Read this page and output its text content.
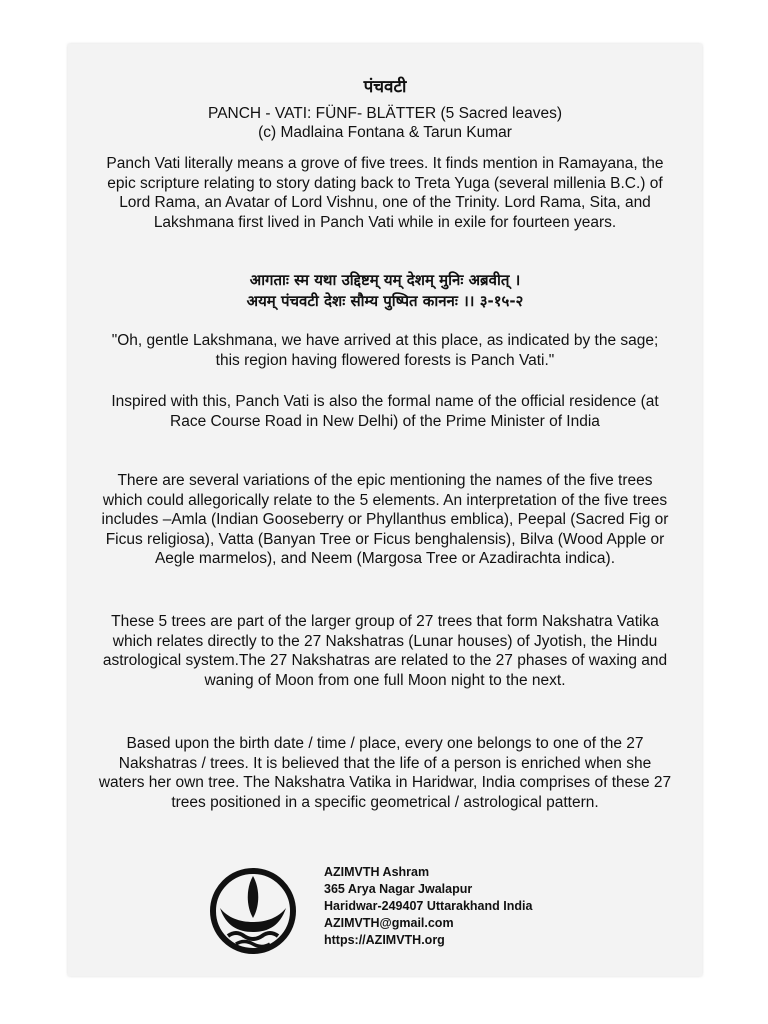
पंचवटी
PANCH - VATI: FÜNF- BLÄTTER (5 Sacred leaves)
(c) Madlaina Fontana & Tarun Kumar
Panch Vati literally means a grove of five trees. It finds mention in Ramayana, the epic scripture relating to story dating back to Treta Yuga (several millenia B.C.) of Lord Rama, an Avatar of Lord Vishnu, one of the Trinity. Lord Rama, Sita, and Lakshmana first lived in Panch Vati while in exile for fourteen years.
आगताः स्म यथा उद्दिष्टम् यम् देशम् मुनिः अब्रवीत् ।
अयम् पंचवटी देशः सौम्य पुष्पित काननः ।। ३-१५-२
"Oh, gentle Lakshmana, we have arrived at this place, as indicated by the sage; this region having flowered forests is Panch Vati."
Inspired with this, Panch Vati is also the formal name of the official residence (at Race Course Road in New Delhi) of the Prime Minister of India
There are several variations of the epic mentioning the names of the five trees which could allegorically relate to the 5 elements. An interpretation of the five trees includes –Amla (Indian Gooseberry or Phyllanthus emblica), Peepal (Sacred Fig or Ficus religiosa), Vatta (Banyan Tree or Ficus benghalensis), Bilva (Wood Apple or Aegle marmelos), and Neem (Margosa Tree or Azadirachta indica).
These 5 trees are part of the larger group of 27 trees that form Nakshatra Vatika which relates directly to the 27 Nakshatras (Lunar houses) of Jyotish, the Hindu astrological system.The 27 Nakshatras are related to the 27 phases of waxing and waning of Moon from one full Moon night to the next.
Based upon the birth date / time / place, every one belongs to one of the 27 Nakshatras / trees. It is believed that the life of a person is enriched when she waters her own tree. The Nakshatra Vatika in Haridwar, India comprises of these 27 trees positioned in a specific geometrical / astrological pattern.
AZIMVTH Ashram
365 Arya Nagar Jwalapur
Haridwar-249407 Uttarakhand India
AZIMVTH@gmail.com
https://AZIMVTH.org
